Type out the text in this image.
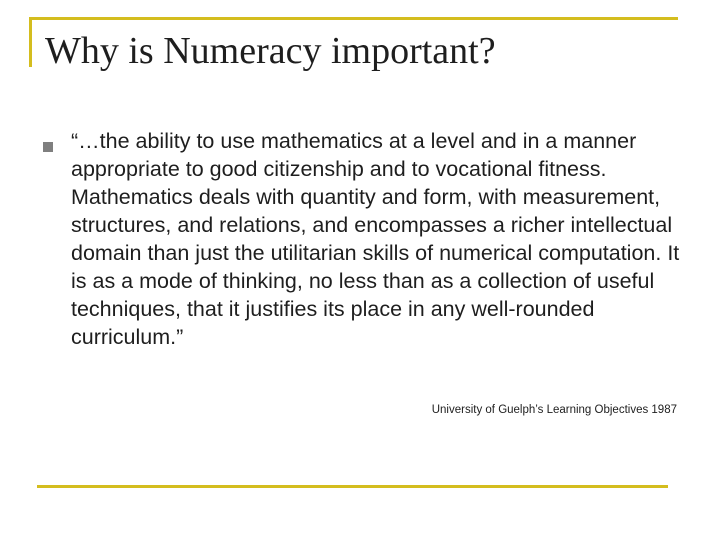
Why is Numeracy important?

“…the ability to use mathematics at a level and in a manner appropriate to good citizenship and to vocational fitness. Mathematics deals with quantity and form, with measurement, structures, and relations, and encompasses a richer intellectual domain than just the utilitarian skills of numerical computation. It is as a mode of thinking, no less than as a collection of useful techniques, that it justifies its place in any well-rounded curriculum.”

University of Guelph’s Learning Objectives 1987
